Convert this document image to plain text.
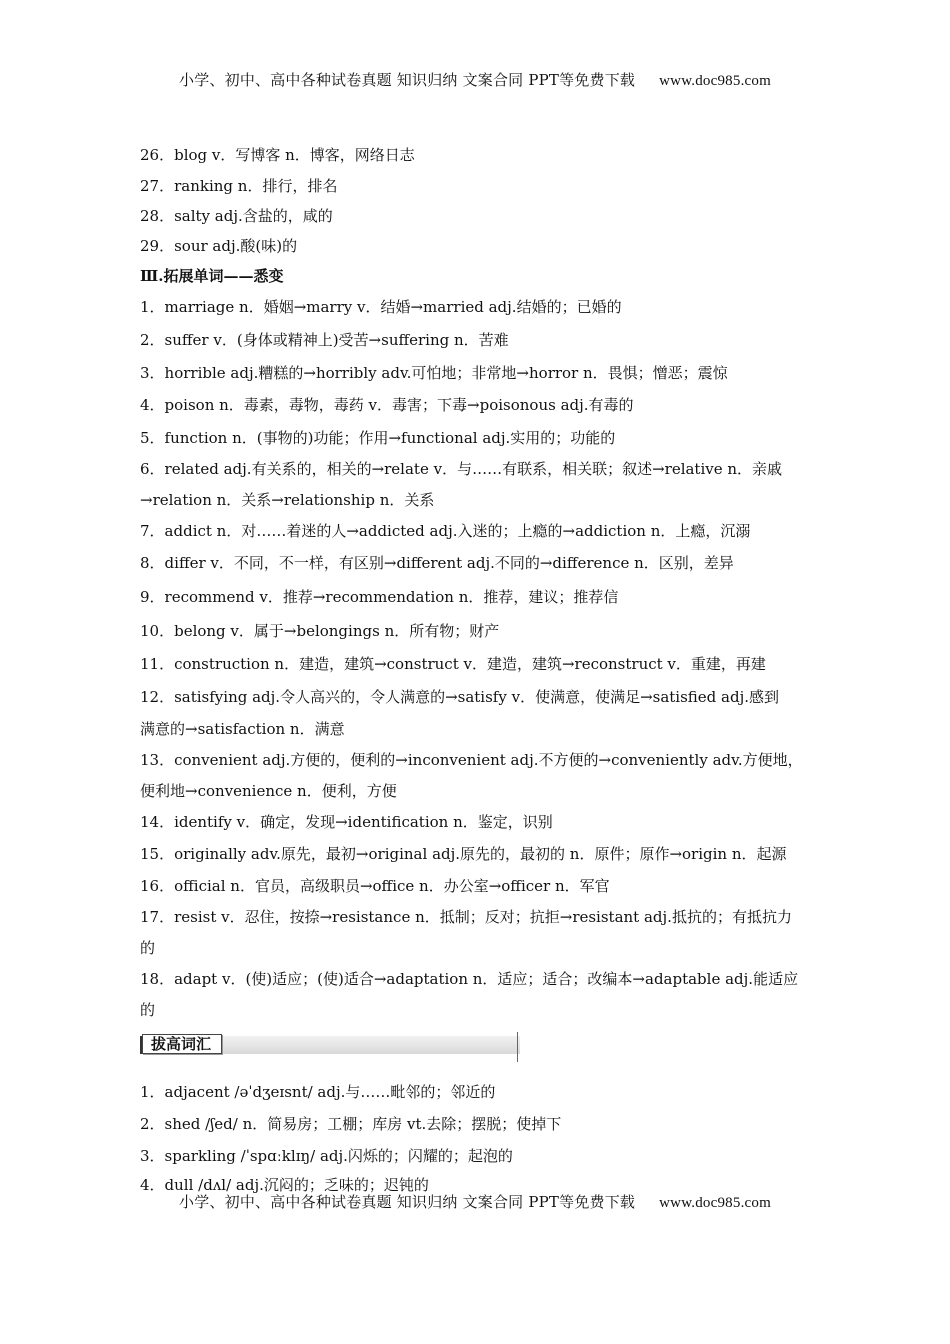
小学、初中、高中各种试卷真题 知识归纳 文案合同 PPT等免费下载 www.doc985.com
26．blog v．写博客 n．博客，网络日志
27．ranking n．排行，排名
28．salty adj.含盐的，咸的
29．sour adj.酸(味)的
Ⅲ.拓展单词——悉变
1．marriage n．婚姻→marry v．结婚→married adj.结婚的；已婚的
2．suffer v．(身体或精神上)受苦→suffering n．苦难
3．horrible adj.糟糕的→horribly adv.可怕地；非常地→horror n．畏惧；憎恶；震惊
4．poison n．毒素，毒物，毒药 v．毒害；下毒→poisonous adj.有毒的
5．function n．(事物的)功能；作用→functional adj.实用的；功能的
6．related adj.有关系的，相关的→relate v．与……有联系，相关联；叙述→relative n．亲戚
→relation n．关系→relationship n．关系
7．addict n．对……着迷的人→addicted adj.入迷的；上瘾的→addiction n．上瘾，沉溺
8．differ v．不同，不一样，有区别→different adj.不同的→difference n．区别，差异
9．recommend v．推荐→recommendation n．推荐，建议；推荐信
10．belong v．属于→belongings n．所有物；财产
11．construction n．建造，建筑→construct v．建造，建筑→reconstruct v．重建，再建
12．satisfying adj.令人高兴的，令人满意的→satisfy v．使满意，使满足→satisfied adj.感到
满意的→satisfaction n．满意
13．convenient adj.方便的，便利的→inconvenient adj.不方便的→conveniently adv.方便地，
便利地→convenience n．便利，方便
14．identify v．确定，发现→identification n．鉴定，识别
15．originally adv.原先，最初→original adj.原先的，最初的 n．原件；原作→origin n．起源
16．official n．官员，高级职员→office n．办公室→officer n．军官
17．resist v．忍住，按捺→resistance n．抵制；反对；抗拒→resistant adj.抵抗的；有抵抗力
的
18．adapt v．(使)适应；(使)适合→adaptation n．适应；适合；改编本→adaptable adj.能适应
的
拔高词汇
1．adjacent /əˈdʒeɪsnt/ adj.与……毗邻的；邻近的
2．shed /ʃed/ n．简易房；工棚；库房 vt.去除；摆脱；使掉下
3．sparkling /ˈspɑːklɪŋ/ adj.闪烁的；闪耀的；起泡的
4．dull /dʌl/ adj.沉闷的；乏味的；迟钝的
小学、初中、高中各种试卷真题 知识归纳 文案合同 PPT等免费下载 www.doc985.com
